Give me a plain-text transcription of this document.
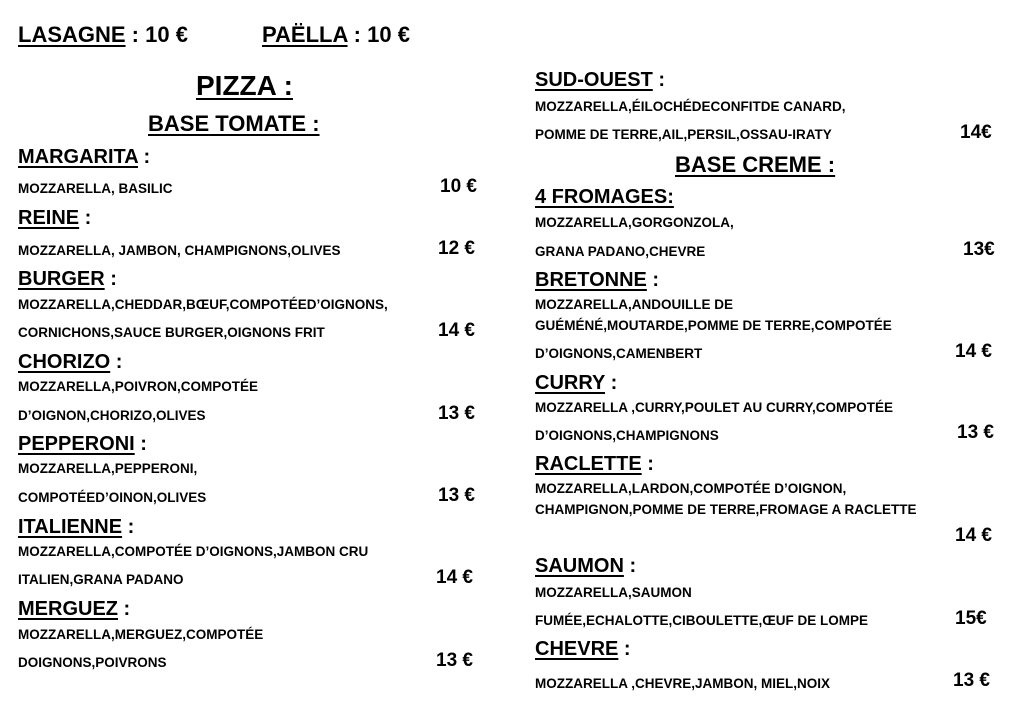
LASAGNE : 10 €	PAËLLA : 10 €
PIZZA :
BASE TOMATE :
MARGARITA :
MOZZARELLA, BASILIC	10 €
REINE :
MOZZARELLA, JAMBON, CHAMPIGNONS,OLIVES	12 €
BURGER :
MOZZARELLA,CHEDDAR,BŒUF,COMPOTÉED’OIGNONS,
CORNICHONS,SAUCE BURGER,OIGNONS FRIT	14 €
CHORIZO :
MOZZARELLA,POIVRON,COMPOTÉE
D’OIGNON,CHORIZO,OLIVES	13 €
PEPPERONI :
MOZZARELLA,PEPPERONI,
COMPOTÉED’OINON,OLIVES	13 €
ITALIENNE :
MOZZARELLA,COMPOTÉE D’OIGNONS,JAMBON CRU
ITALIEN,GRANA PADANO	14 €
MERGUEZ :
MOZZARELLA,MERGUEZ,COMPOTÉE
DOIGNONS,POIVRONS	13 €
SUD-OUEST :
MOZZARELLA,ÉILOCHÉDECONFITDE CANARD,
POMME DE TERRE,AIL,PERSIL,OSSAU-IRATY	14€
BASE CREME :
4 FROMAGES:
MOZZARELLA,GORGONZOLA,
GRANA PADANO,CHEVRE	13€
BRETONNE :
MOZZARELLA,ANDOUILLE DE
GUÉMÉNÉ,MOUTARDE,POMME DE TERRE,COMPOTÉE
D’OIGNONS,CAMENBERT	14 €
CURRY :
MOZZARELLA ,CURRY,POULET AU CURRY,COMPOTÉE
D’OIGNONS,CHAMPIGNONS	13 €
RACLETTE :
MOZZARELLA,LARDON,COMPOTÉE D’OIGNON,
CHAMPIGNON,POMME DE TERRE,FROMAGE A RACLETTE
14 €
SAUMON :
MOZZARELLA,SAUMON
FUMÉE,ECHALOTTE,CIBOULETTE,ŒUF DE LOMPE	15€
CHEVRE :
MOZZARELLA ,CHEVRE,JAMBON, MIEL,NOIX	13 €
